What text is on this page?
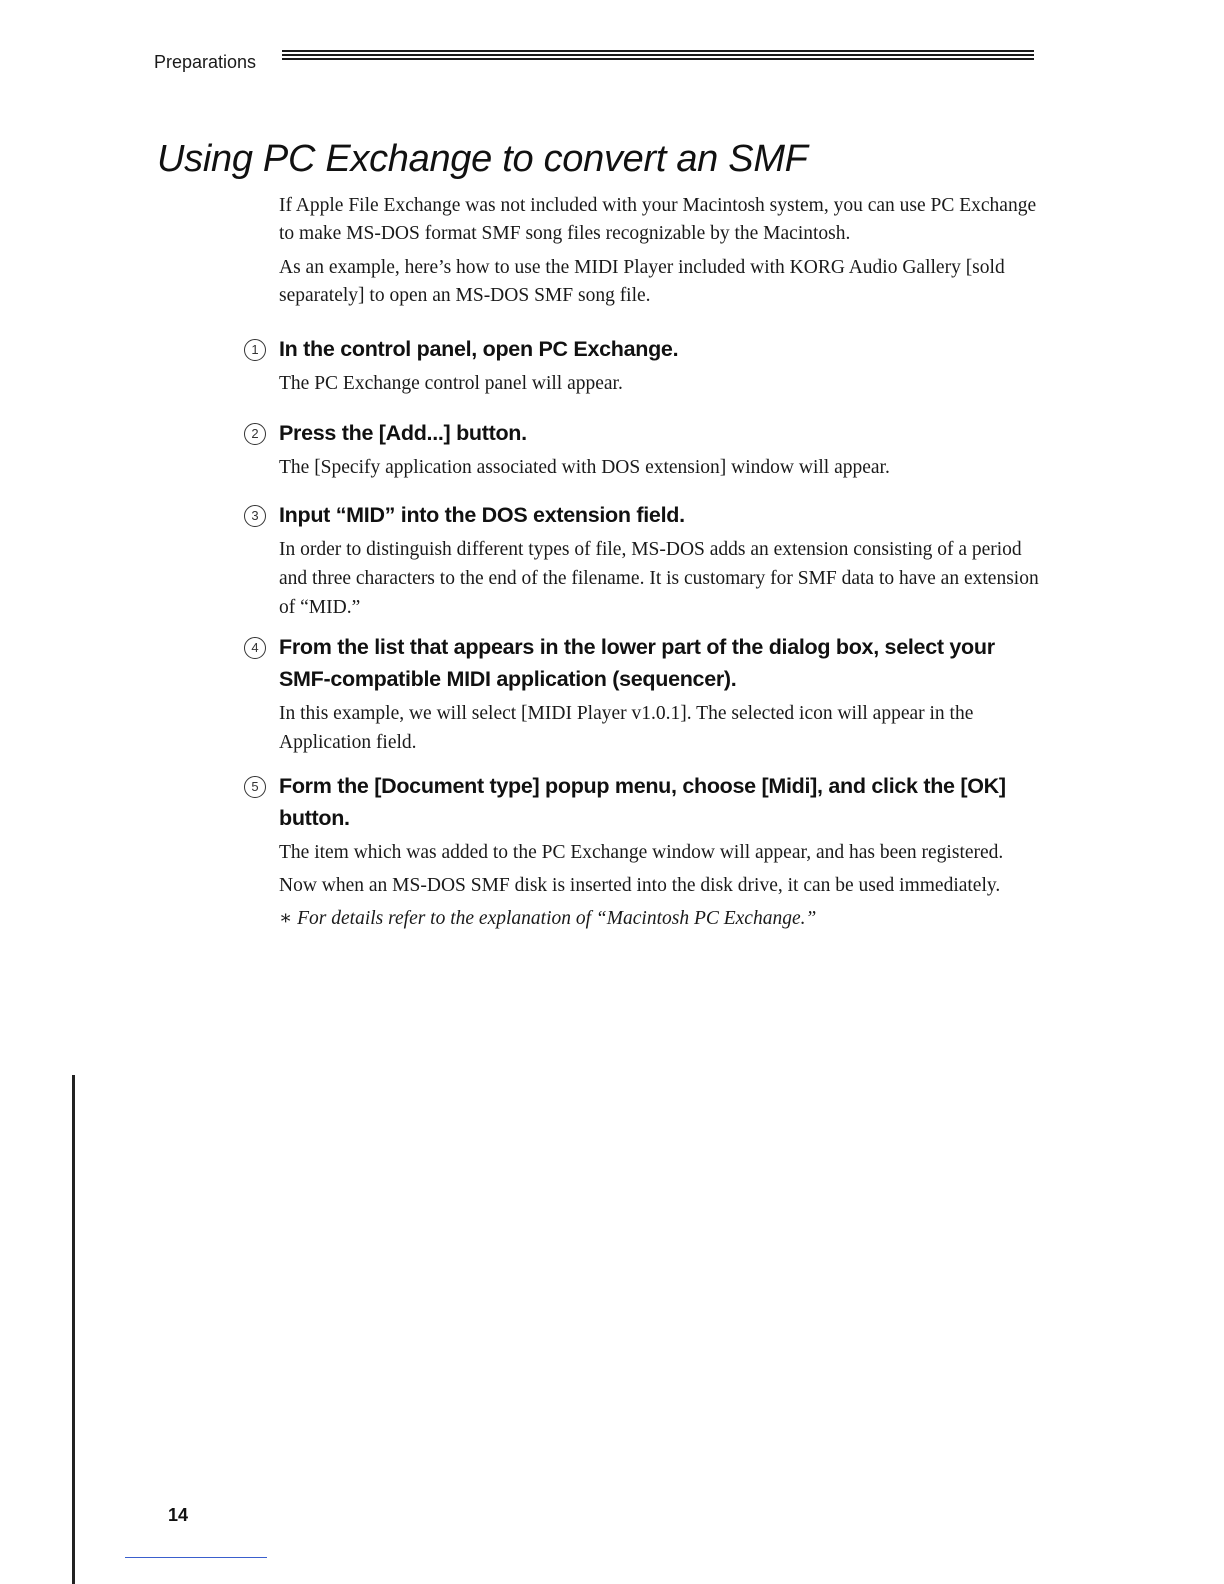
Preparations
Using PC Exchange to convert an SMF

If Apple File Exchange was not included with your Macintosh system, you can use PC Exchange to make MS-DOS format SMF song files recognizable by the Macintosh.

As an example, here’s how to use the MIDI Player included with KORG Audio Gallery [sold separately] to open an MS-DOS SMF song file.

1 In the control panel, open PC Exchange.

The PC Exchange control panel will appear.

2 Press the [Add...] button.

The [Specify application associated with DOS extension] window will appear.

3 Input “MID” into the DOS extension field.

In order to distinguish different types of file, MS-DOS adds an extension consisting of a period and three characters to the end of the filename. It is customary for SMF data to have an extension of “MID.”

4 From the list that appears in the lower part of the dialog box, select your SMF-compatible MIDI application (sequencer).

In this example, we will select [MIDI Player v1.0.1]. The selected icon will appear in the Application field.

5 Form the [Document type] popup menu, choose [Midi], and click the [OK] button.

The item which was added to the PC Exchange window will appear, and has been registered.

Now when an MS-DOS SMF disk is inserted into the disk drive, it can be used immediately.

∗ For details refer to the explanation of “Macintosh PC Exchange.”

14
